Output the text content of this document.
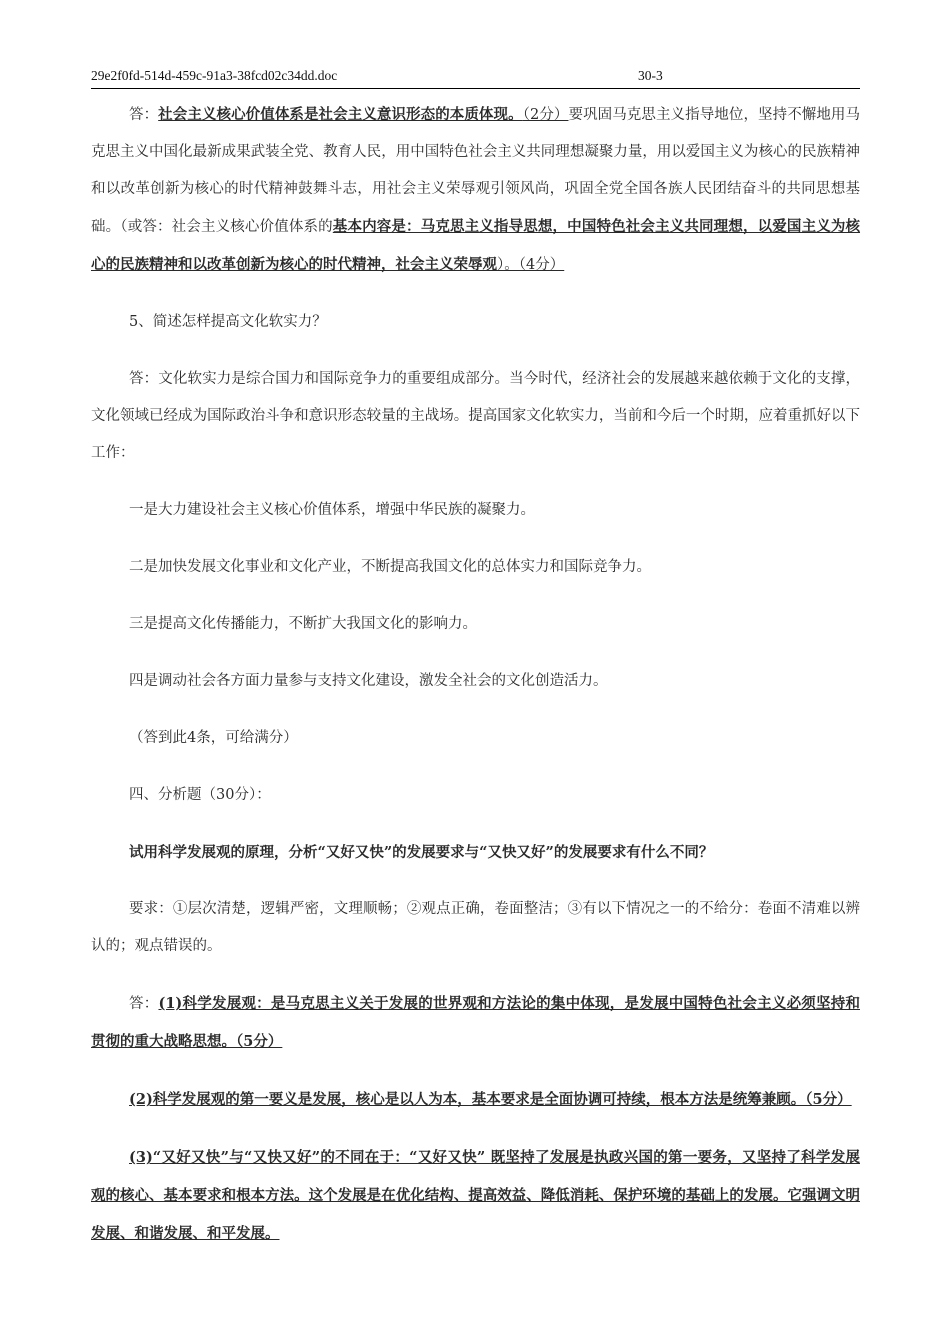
29e2f0fd-514d-459c-91a3-38fcd02c34dd.doc	30-3

答：社会主义核心价值体系是社会主义意识形态的本质体现。（2分）要巩固马克思主义指导地位，坚持不懈地用马克思主义中国化最新成果武装全党、教育人民，用中国特色社会主义共同理想凝聚力量，用以爱国主义为核心的民族精神和以改革创新为核心的时代精神鼓舞斗志，用社会主义荣辱观引领风尚，巩固全党全国各族人民团结奋斗的共同思想基础。（或答：社会主义核心价值体系的基本内容是：马克思主义指导思想，中国特色社会主义共同理想，以爱国主义为核心的民族精神和以改革创新为核心的时代精神，社会主义荣辱观）。（4分）

5、简述怎样提高文化软实力？

答：文化软实力是综合国力和国际竞争力的重要组成部分。当今时代，经济社会的发展越来越依赖于文化的支撑，文化领域已经成为国际政治斗争和意识形态较量的主战场。提高国家文化软实力，当前和今后一个时期，应着重抓好以下工作：

一是大力建设社会主义核心价值体系，增强中华民族的凝聚力。

二是加快发展文化事业和文化产业，不断提高我国文化的总体实力和国际竞争力。

三是提高文化传播能力，不断扩大我国文化的影响力。

四是调动社会各方面力量参与支持文化建设，激发全社会的文化创造活力。

（答到此4条，可给满分）

四、分析题（30分）：

试用科学发展观的原理，分析“又好又快”的发展要求与“又快又好”的发展要求有什么不同？

要求：①层次清楚，逻辑严密，文理顺畅；②观点正确，卷面整洁；③有以下情况之一的不给分：卷面不清难以辨认的；观点错误的。

答：(1)科学发展观：是马克思主义关于发展的世界观和方法论的集中体现，是发展中国特色社会主义必须坚持和贯彻的重大战略思想。（5分）

(2)科学发展观的第一要义是发展，核心是以人为本，基本要求是全面协调可持续，根本方法是统筹兼顾。（5分）

(3)“又好又快”与“又快又好”的不同在于：“又好又快” 既坚持了发展是执政兴国的第一要务，又坚持了科学发展观的核心、基本要求和根本方法。这个发展是在优化结构、提高效益、降低消耗、保护环境的基础上的发展。它强调文明发展、和谐发展、和平发展。
